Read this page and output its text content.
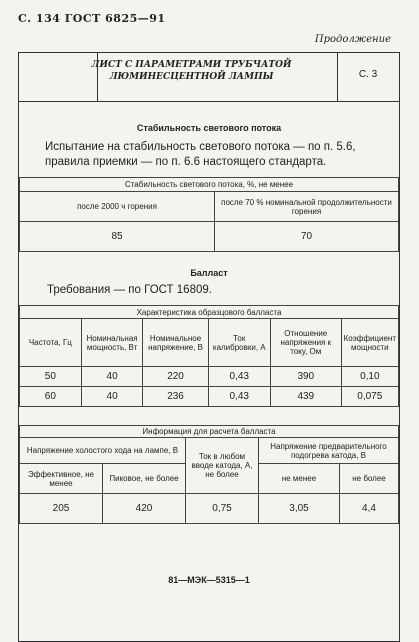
С. 134 ГОСТ 6825—91
Продолжение
ЛИСТ С ПАРАМЕТРАМИ ТРУБЧАТОЙ
ЛЮМИНЕСЦЕНТНОЙ ЛАМПЫ	С. 3
Стабильность светового потока
Испытание на стабильность светового потока — по п. 5.6,
правила приемки — по п. 6.6 настоящего стандарта.
Стабильность светового потока, %, не менее	
после 2000 ч горения	после 70 % номинальной продолжительности горения
85	70
Балласт
Требования — по ГОСТ 16809.
Характеристика образцового балласта					
Частота, Гц	Номинальная мощность, Вт	Номинальное напряжение, В	Ток калибровки, А	Отношение напряжения к току, Ом	Коэффициент мощности
50	40	220	0,43	390	0,10
60	40	236	0,43	439	0,075
Информация для расчета балласта				
Напряжение холостого хода на лампе, В		Ток в любом вводе катода, А, не более	Напряжение предварительного подогрева катода, В	
Эффективное, не менее	Пиковое, не более		не менее	не более
205	420	0,75	3,05	4,4
81—МЭК—5315—1
